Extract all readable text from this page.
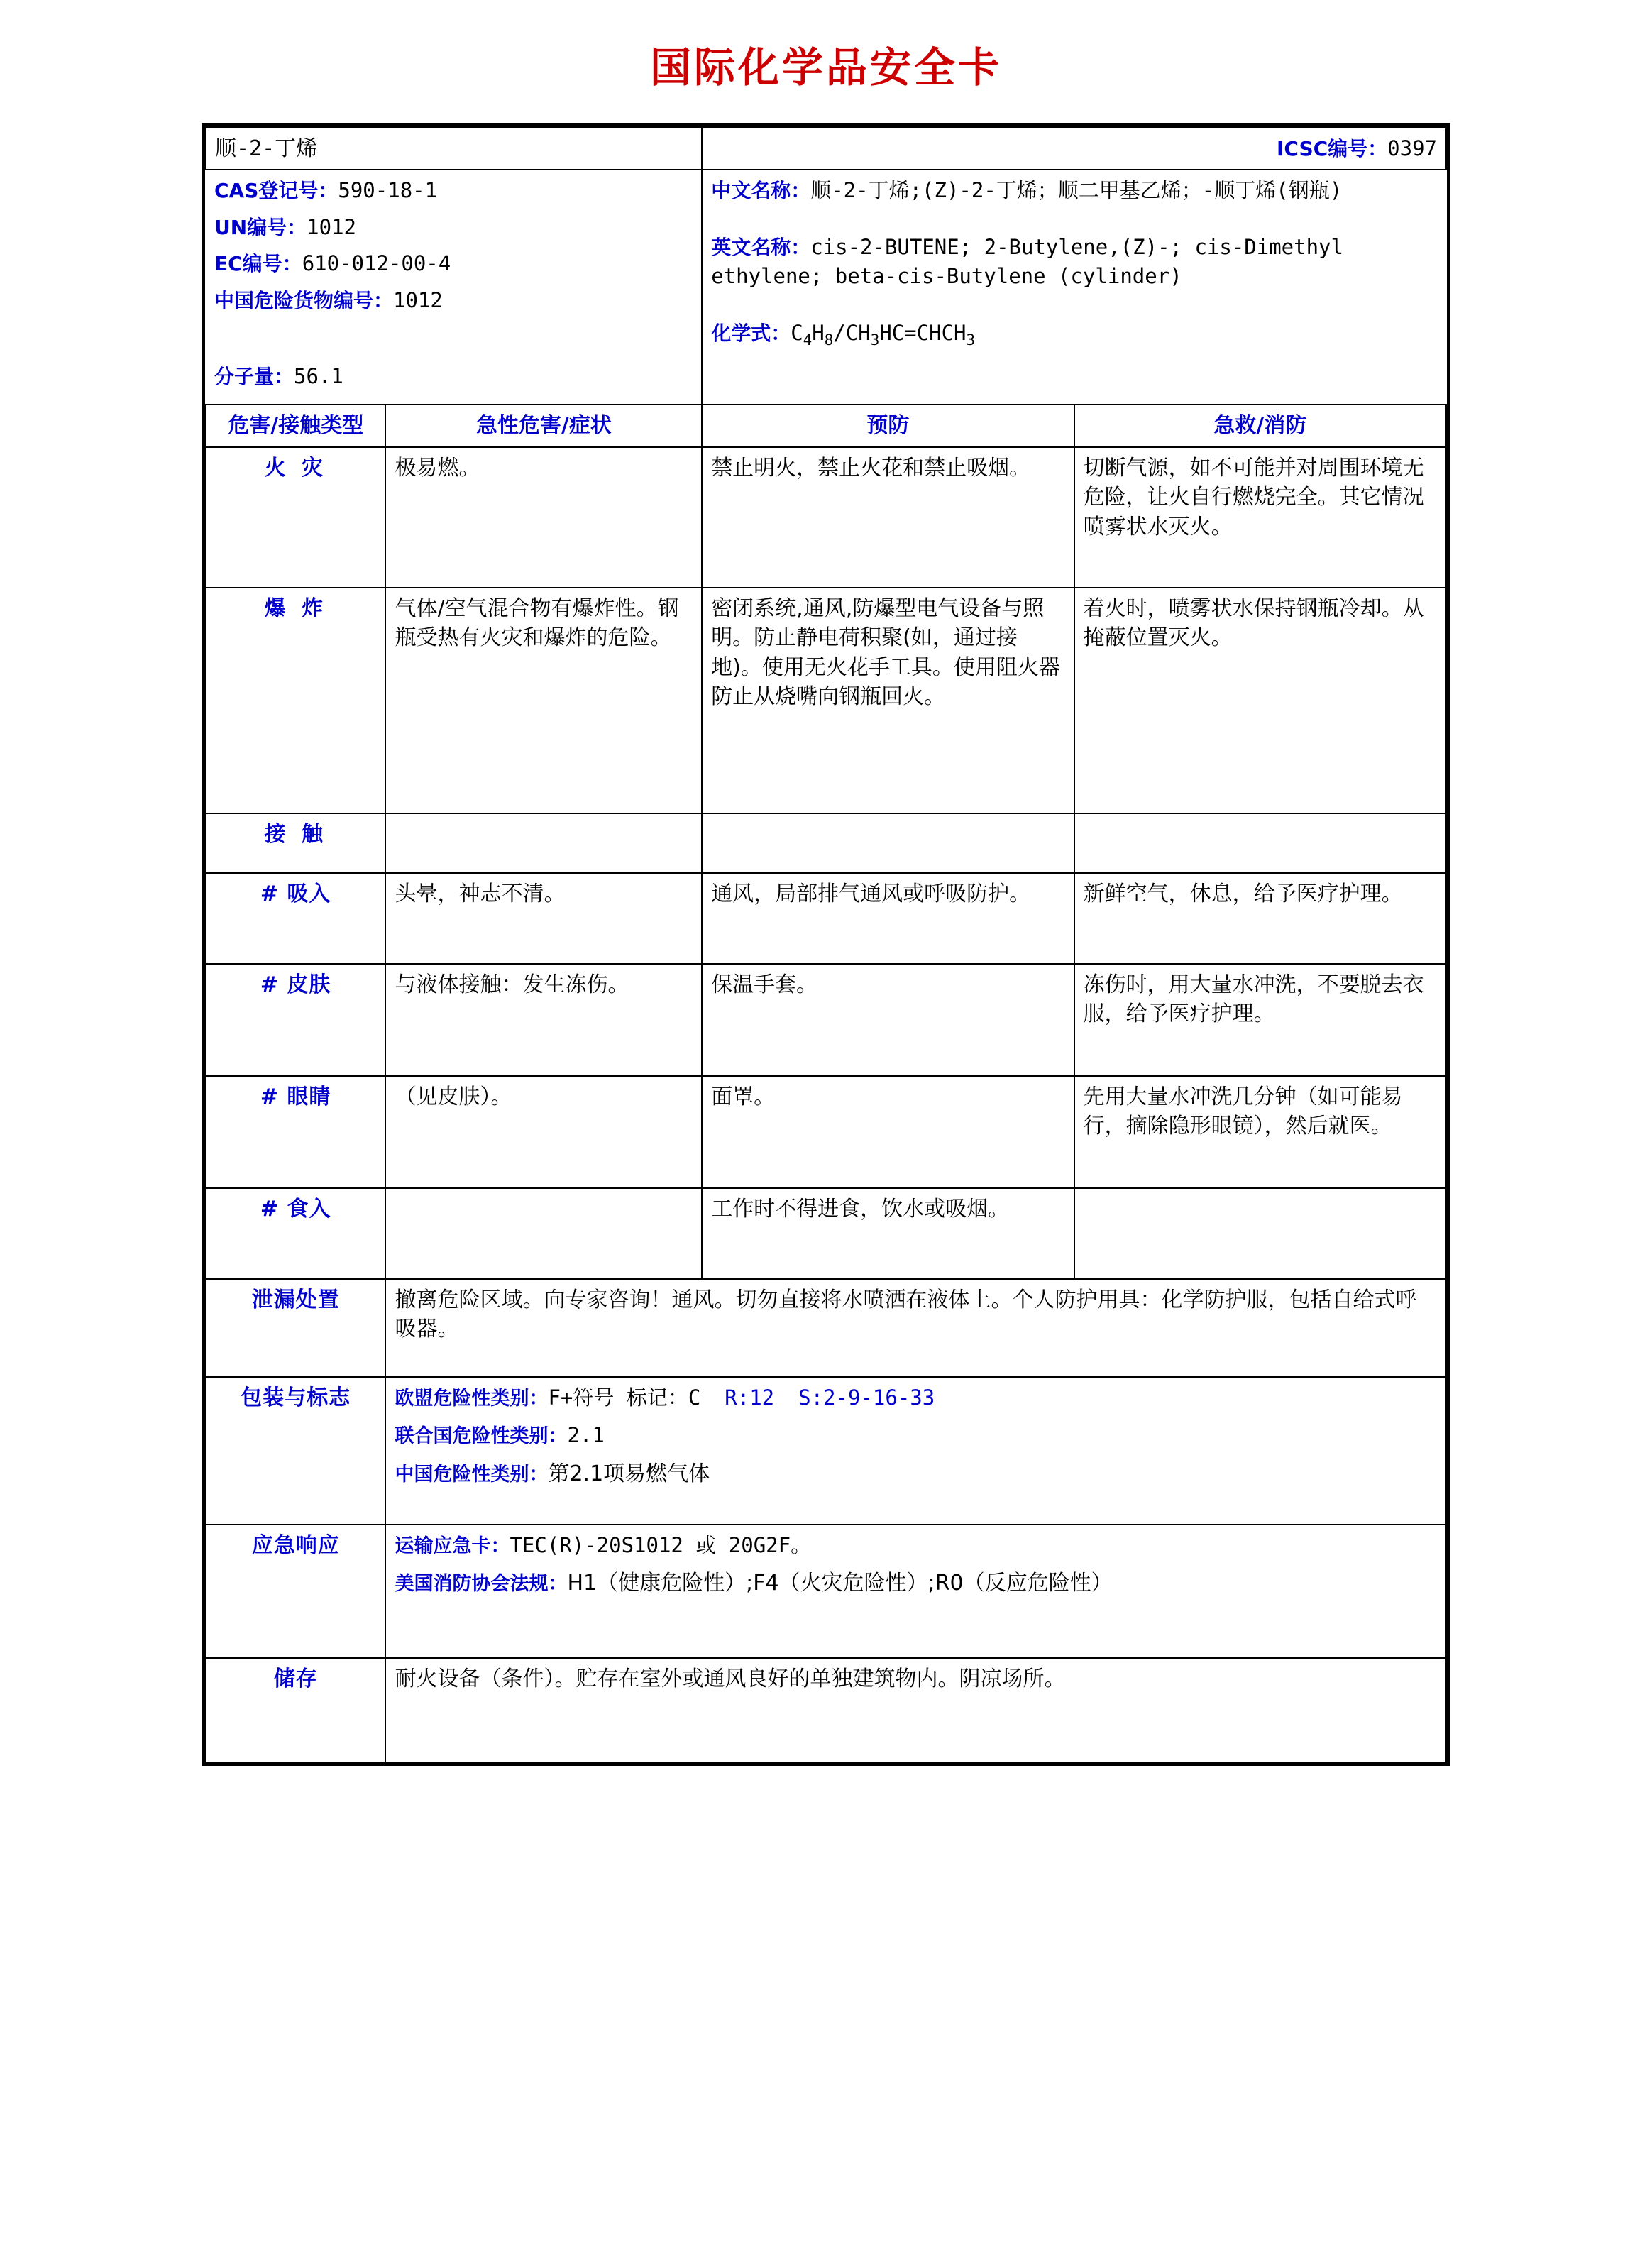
国际化学品安全卡
顺-2-丁烯		ICSC编号：0397	

CAS登记号：590-18-1
UN编号：1012
EC编号：610-012-00-4
中国危险货物编号：1012
分子量：56.1

中文名称：顺-2-丁烯;(Z)-2-丁烯；顺二甲基乙烯；-顺丁烯(钢瓶)
英文名称：cis-2-BUTENE; 2-Butylene,(Z)-; cis-Dimethyl ethylene; beta-cis-Butylene (cylinder)
化学式：$C_4H_8/CH_3HC=CHCH_3$

危害/接触类型	急性危害/症状	预防	急救/消防
火 灾	极易燃。	禁止明火，禁止火花和禁止吸烟。	切断气源，如不可能并对周围环境无危险，让火自行燃烧完全。其它情况喷雾状水灭火。
爆 炸	气体/空气混合物有爆炸性。钢瓶受热有火灾和爆炸的危险。	密闭系统,通风,防爆型电气设备与照明。防止静电荷积聚(如，通过接地)。使用无火花手工具。使用阻火器防止从烧嘴向钢瓶回火。	着火时，喷雾状水保持钢瓶冷却。从掩蔽位置灭火。
接 触			
# 吸入	头晕，神志不清。	通风，局部排气通风或呼吸防护。	新鲜空气，休息，给予医疗护理。
# 皮肤	与液体接触：发生冻伤。	保温手套。	冻伤时，用大量水冲洗，不要脱去衣服，给予医疗护理。
# 眼睛	（见皮肤）。	面罩。	先用大量水冲洗几分钟（如可能易行，摘除隐形眼镜），然后就医。
# 食入		工作时不得进食，饮水或吸烟。	
泄漏处置	撤离危险区域。向专家咨询！通风。切勿直接将水喷洒在液体上。个人防护用具：化学防护服，包括自给式呼吸器。		
包装与标志	欧盟危险性类别：F+符号 标记：C R:12 S:2-9-16-33
联合国危险性类别：2.1
中国危险性类别：第2.1项易燃气体		

应急响应	运输应急卡：TEC(R)-20S1012 或 20G2F。
美国消防协会法规：H1（健康危险性）;F4（火灾危险性）;R0（反应危险性）		

储存	耐火设备（条件）。贮存在室外或通风良好的单独建筑物内。阴凉场所。		
